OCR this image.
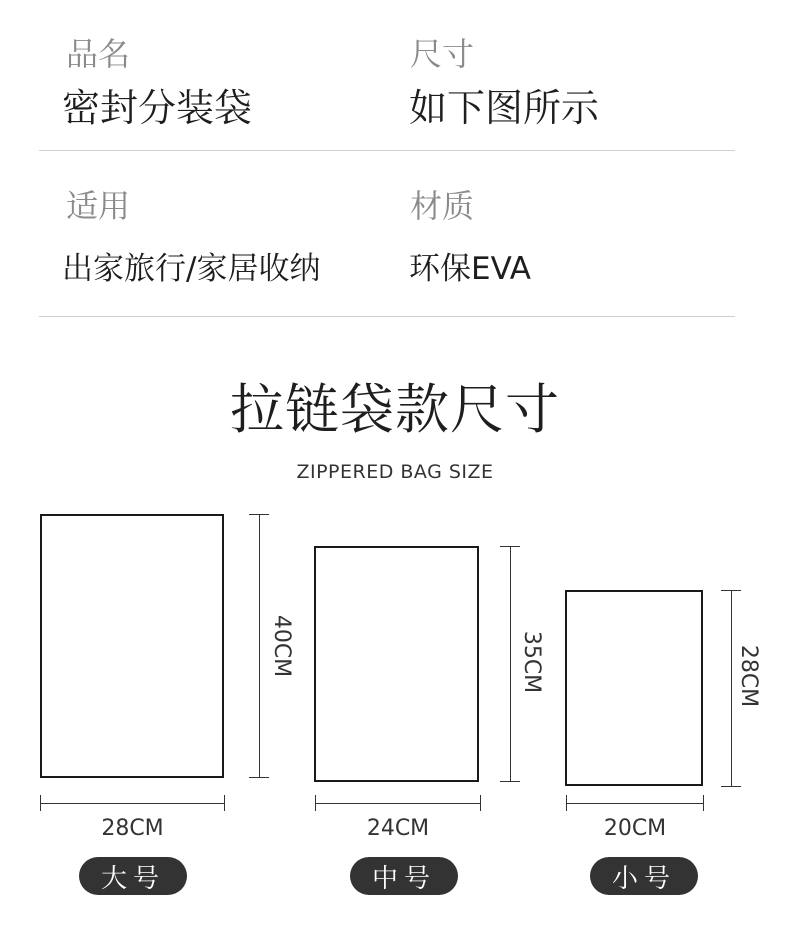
品名
密封分装袋
尺寸
如下图所示
适用
出家旅行/家居收纳
材质
环保EVA
拉链袋款尺寸
ZIPPERED BAG SIZE
40CM
28CM
大号
35CM
24CM
中号
28CM
20CM
小号
